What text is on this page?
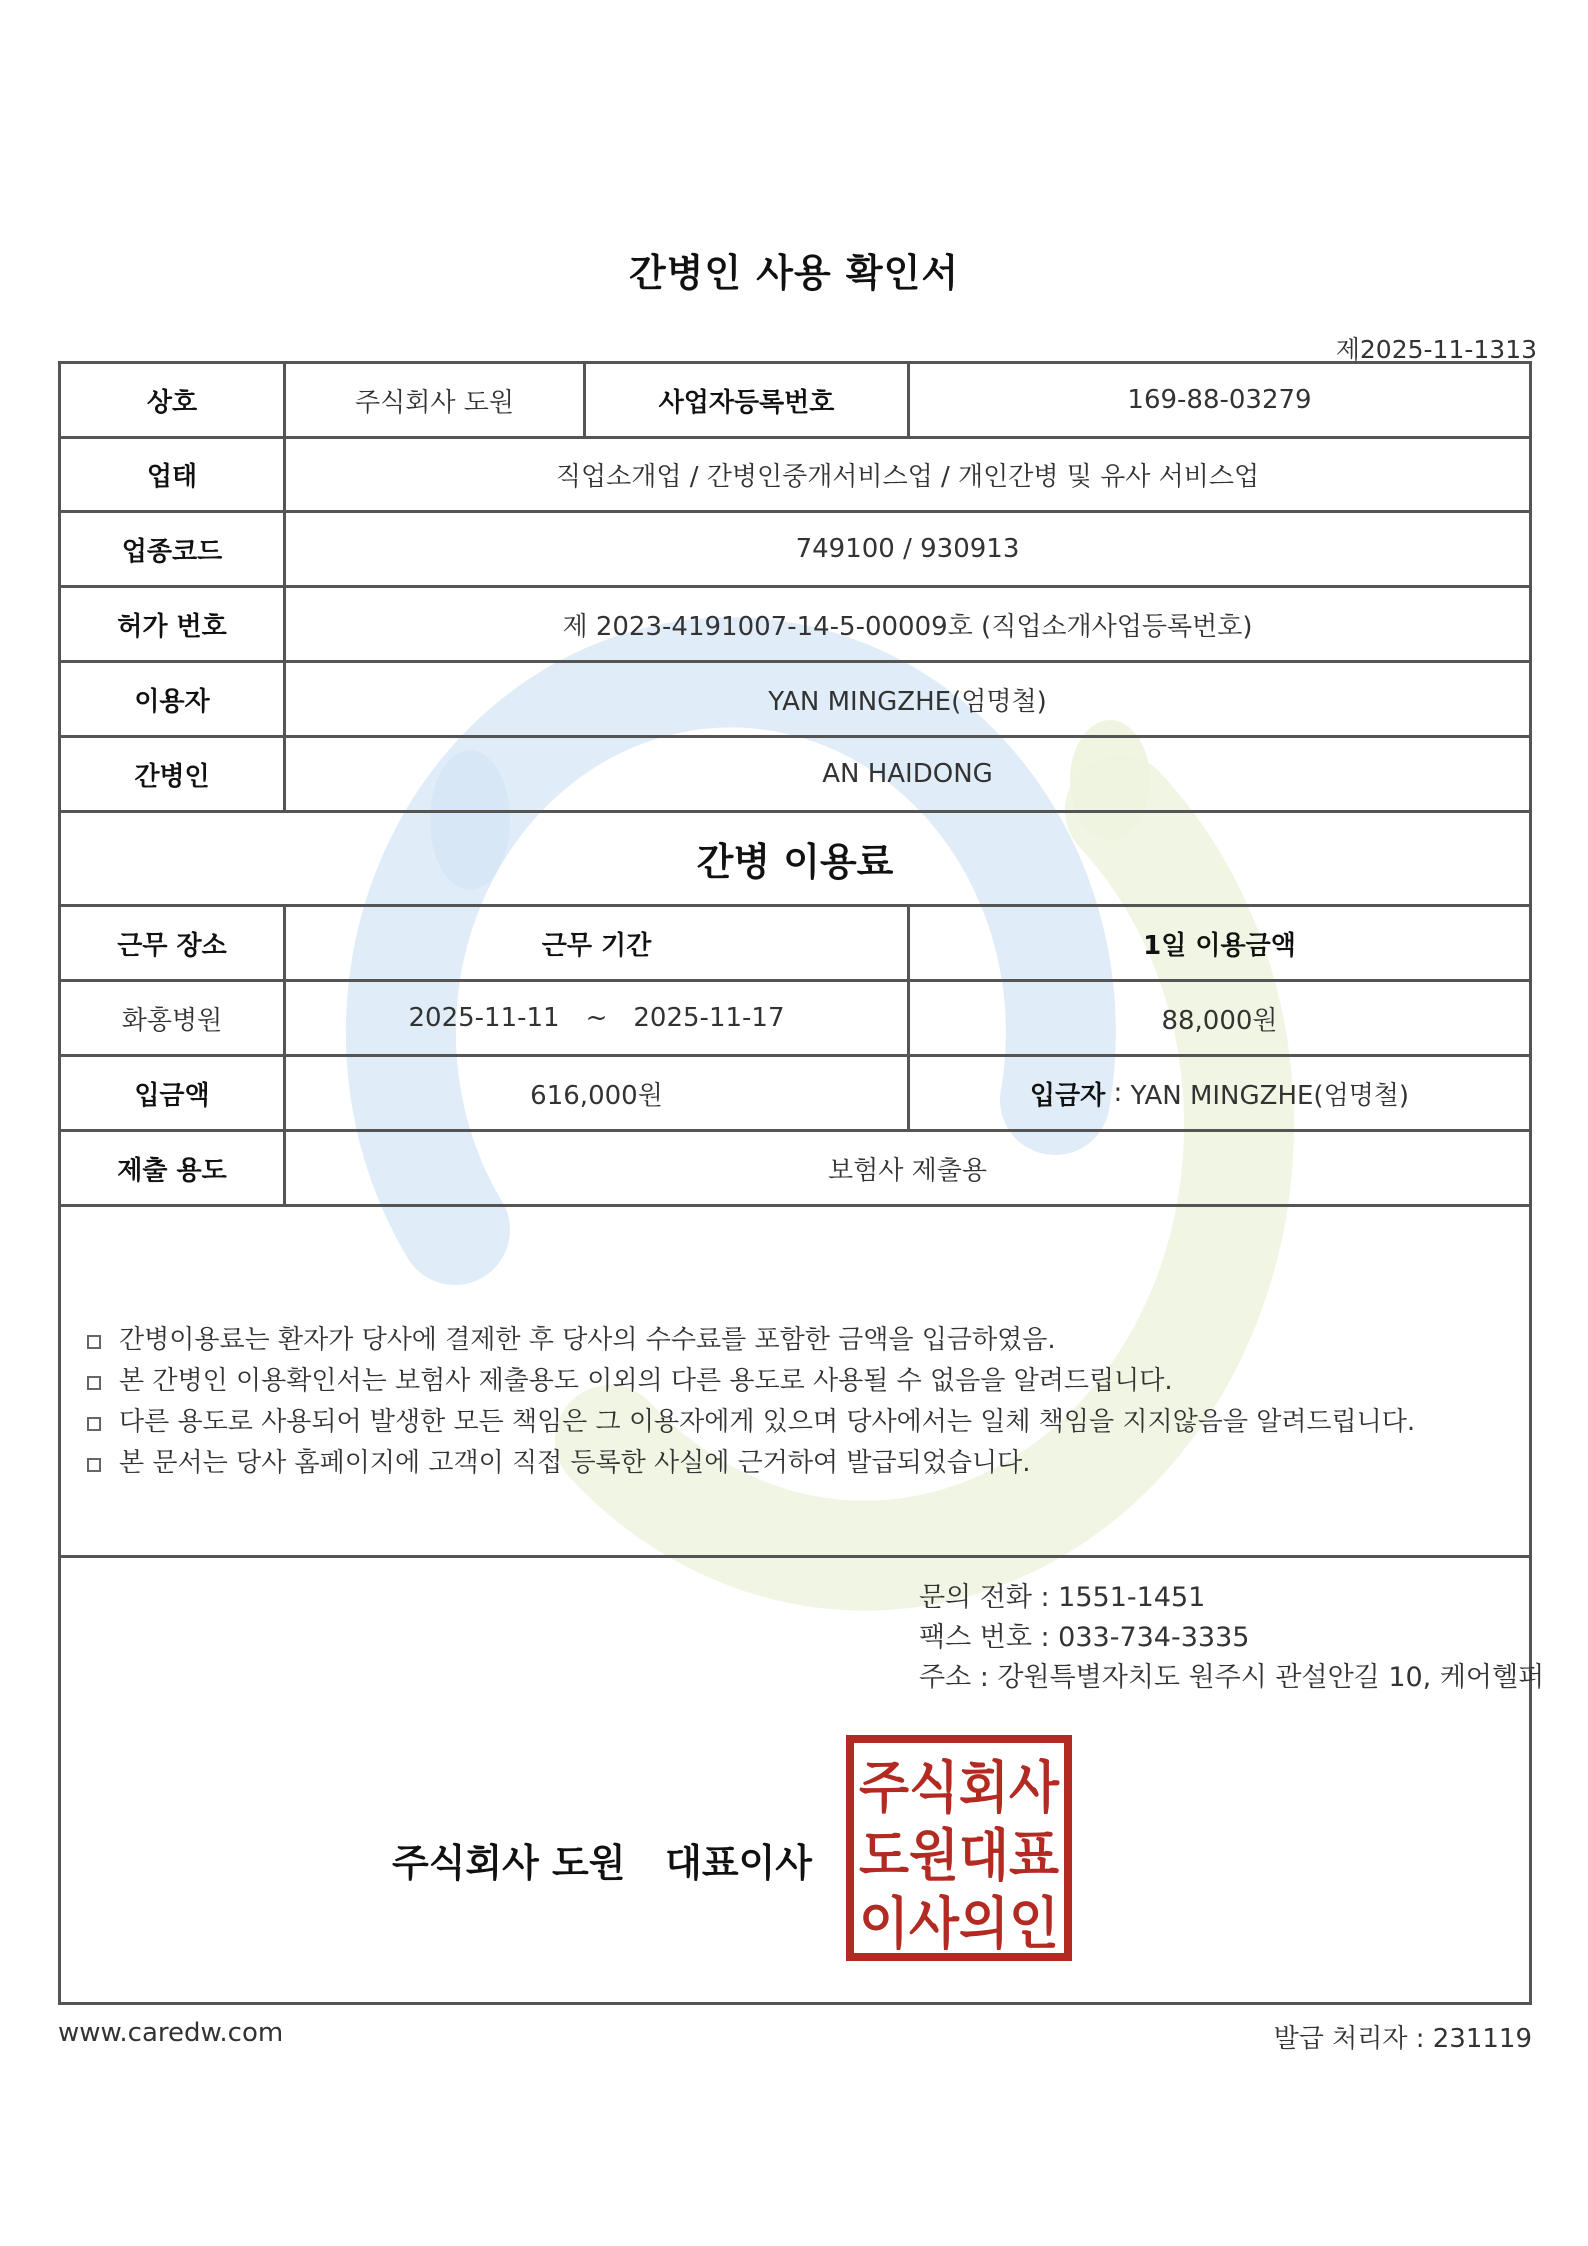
간병인 사용 확인서
제2025-11-1313
상호	주식회사 도원	사업자등록번호	169-88-03279
업태	직업소개업 / 간병인중개서비스업 / 개인간병 및 유사 서비스업
업종코드	749100 / 930913
허가 번호	제 2023-4191007-14-5-00009호 (직업소개사업등록번호)
이용자	YAN MINGZHE(엄명철)
간병인	AN HAIDONG
간병 이용료
근무 장소	근무 기간	1일 이용금액
화홍병원	2025-11-11 ~ 2025-11-17	88,000원
입금액	616,000원	입금자 : YAN MINGZHE(엄명철)
제출 용도	보험사 제출용
간병이용료는 환자가 당사에 결제한 후 당사의 수수료를 포함한 금액을 입금하였음.
본 간병인 이용확인서는 보험사 제출용도 이외의 다른 용도로 사용될 수 없음을 알려드립니다.
다른 용도로 사용되어 발생한 모든 책임은 그 이용자에게 있으며 당사에서는 일체 책임을 지지않음을 알려드립니다.
본 문서는 당사 홈페이지에 고객이 직접 등록한 사실에 근거하여 발급되었습니다.
문의 전화 : 1551-1451
팩스 번호 : 033-734-3335
주소 : 강원특별자치도 원주시 관설안길 10, 케어헬퍼
주식회사 도원   대표이사
주식회사
도원대표
이사의인
www.caredw.com	발급 처리자 : 231119
